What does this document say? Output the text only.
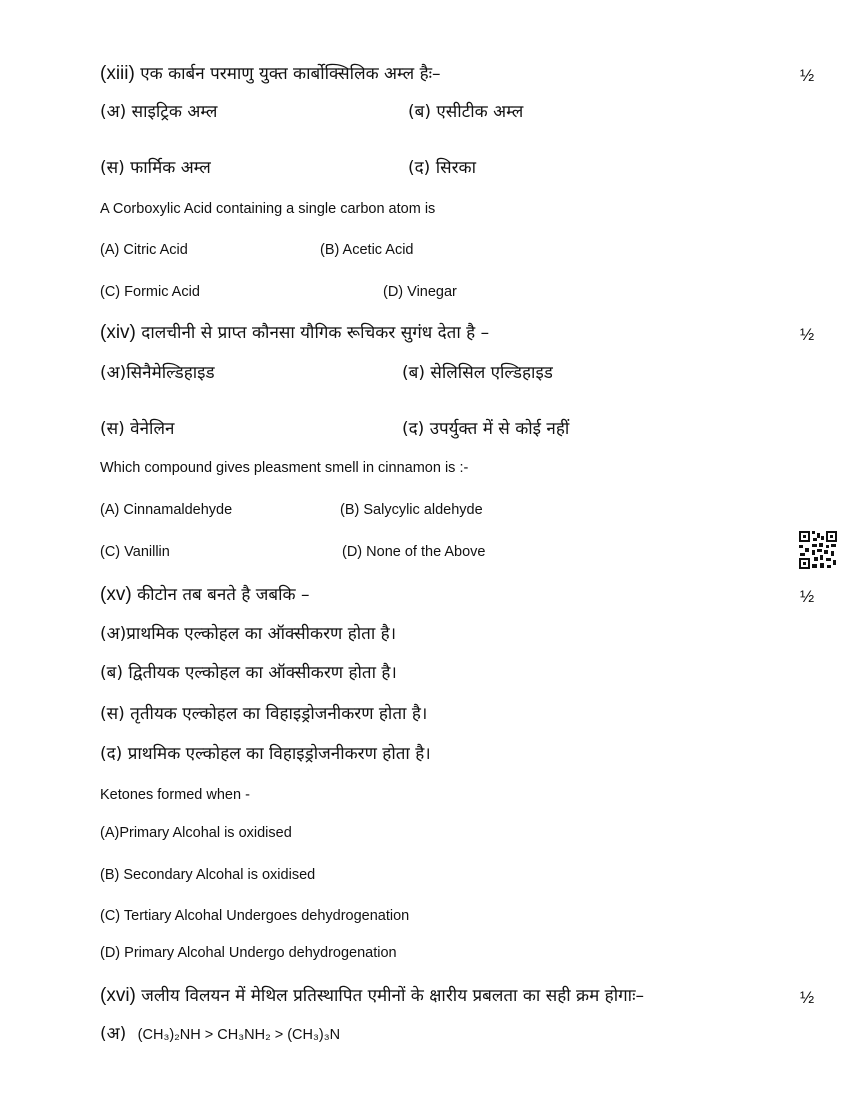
(xiii) एक कार्बन परमाणु युक्त कार्बोक्सिलिक अम्ल हैः–	½
(अ) साइट्रिक अम्ल	(ब) एसीटीक अम्ल
(स) फार्मिक अम्ल	(द) सिरका
A Corboxylic Acid containing a single carbon atom is
(A) Citric Acid	(B) Acetic Acid
(C) Formic Acid	(D) Vinegar
(xiv) दालचीनी से प्राप्त कौनसा यौगिक रूचिकर सुगंध देता है –	½
(अ)सिनैमेल्डिहाइड	(ब) सेलिसिल एल्डिहाइड
(स) वेनेलिन	(द) उपर्युक्त में से कोई नहीं
Which compound gives pleasment smell in cinnamon is :-
(A) Cinnamaldehyde	(B) Salycylic aldehyde
(C) Vanillin	(D) None of the Above
(xv) कीटोन तब बनते है जबकि –	½
(अ)प्राथमिक एल्कोहल का ऑक्सीकरण होता है।
(ब) द्वितीयक एल्कोहल का ऑक्सीकरण होता है।
(स) तृतीयक एल्कोहल का विहाइड्रोजनीकरण होता है।
(द) प्राथमिक एल्कोहल का विहाइड्रोजनीकरण होता है।
Ketones formed when -
(A)Primary Alcohal is oxidised
(B) Secondary Alcohal is oxidised
(C) Tertiary Alcohal Undergoes dehydrogenation
(D) Primary Alcohal Undergo dehydrogenation
(xvi) जलीय विलयन में मेथिल प्रतिस्थापित एमीनों के क्षारीय प्रबलता का सही क्रम होगाः–	½
(अ) (CH₃)₂NH > CH₃NH₂ > (CH₃)₃N
